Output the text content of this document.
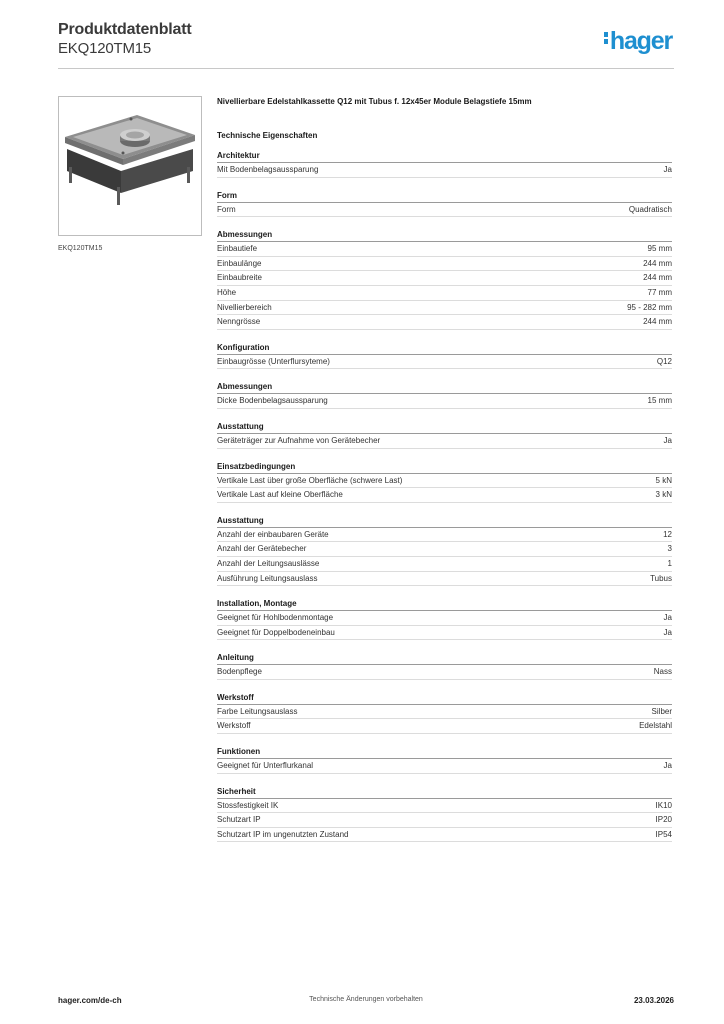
Produktdatenblatt
EKQ120TM15	hager
EKQ120TM15
Nivellierbare Edelstahlkassette Q12 mit Tubus f. 12x45er Module Belagstiefe 15mm
Technische Eigenschaften
Architektur
Mit Bodenbelagsaussparung	Ja
Form
Form	Quadratisch
Abmessungen
Einbautiefe	95 mm
Einbaulänge	244 mm
Einbaubreite	244 mm
Höhe	77 mm
Nivellierbereich	95 - 282 mm
Nenngrösse	244 mm
Konfiguration
Einbaugrösse (Unterflursyteme)	Q12
Abmessungen
Dicke Bodenbelagsaussparung	15 mm
Ausstattung
Geräteträger zur Aufnahme von Gerätebecher	Ja
Einsatzbedingungen
Vertikale Last über große Oberfläche (schwere Last)	5 kN
Vertikale Last auf kleine Oberfläche	3 kN
Ausstattung
Anzahl der einbaubaren Geräte	12
Anzahl der Gerätebecher	3
Anzahl der Leitungsauslässe	1
Ausführung Leitungsauslass	Tubus
Installation, Montage
Geeignet für Hohlbodenmontage	Ja
Geeignet für Doppelbodeneinbau	Ja
Anleitung
Bodenpflege	Nass
Werkstoff
Farbe Leitungsauslass	Silber
Werkstoff	Edelstahl
Funktionen
Geeignet für Unterflurkanal	Ja
Sicherheit
Stossfestigkeit IK	IK10
Schutzart IP	IP20
Schutzart IP im ungenutzten Zustand	IP54
hager.com/de-ch	Technische Änderungen vorbehalten	23.03.2026
